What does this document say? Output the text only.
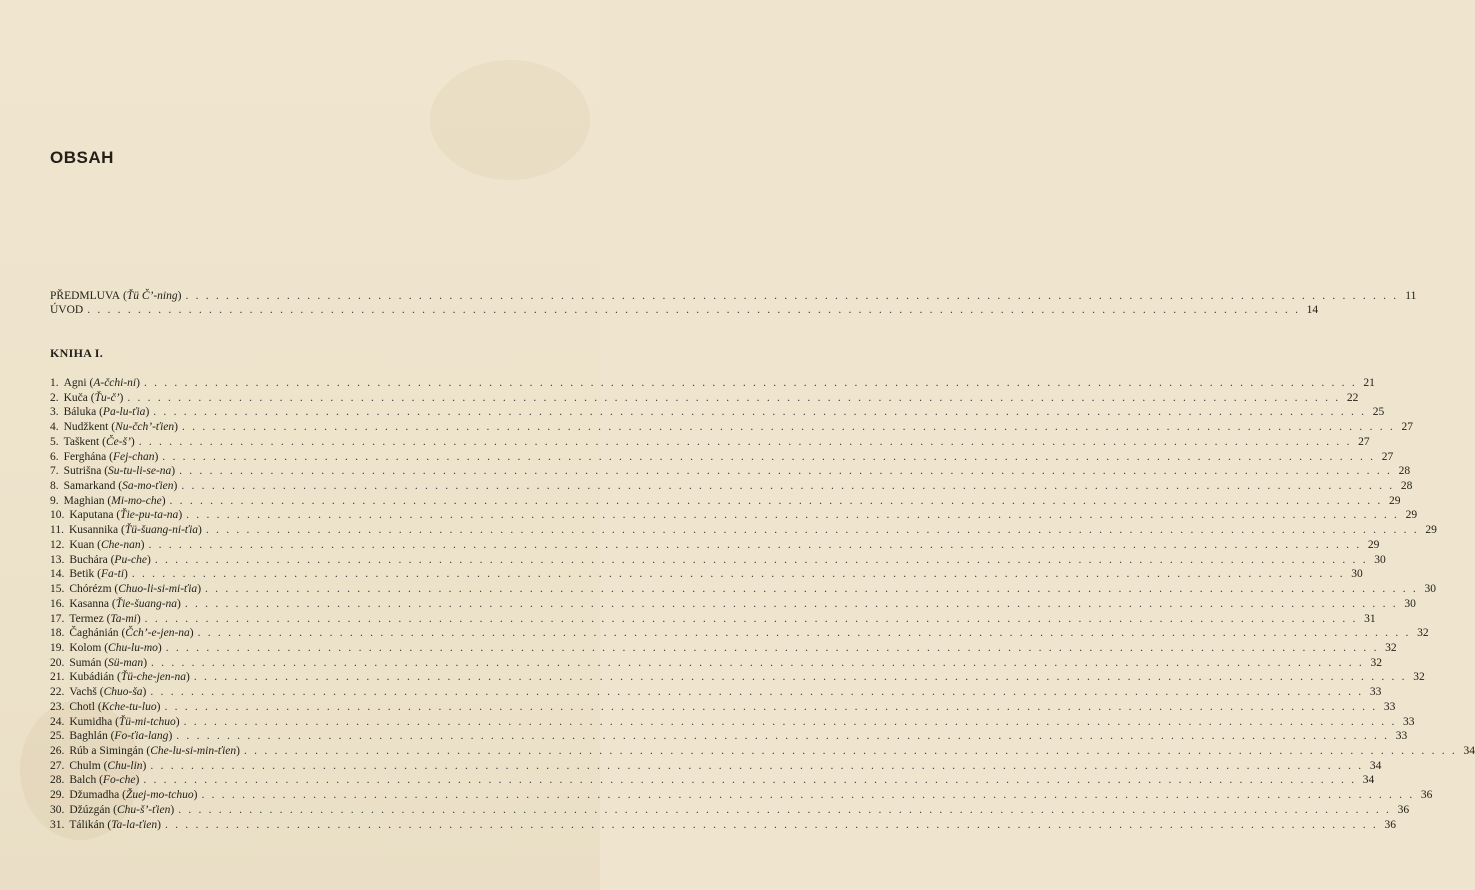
OBSAH
PŘEDMLUVA (Ťü Č’-ning) . . . . . . . . . . . . . . . . . . . . . . . . . . . . . . . . . . . . . . . . . . . . . . . . . . . . . . . . . . . . . . . . . . . . . . . . . . . . . . . . . . . . . . . . . . . . . . . . . . . . . . . . . . . . . . . . . . . . . . . . 11
ÚVOD . . . . . . . . . . . . . . . . . . . . . . . . . . . . . . . . . . . . . . . . . . . . . . . . . . . . . . . . . . . . . . . . . . . . . . . . . . . . . . . . . . . . . . . . . . . . . . . . . . . . . . . . . . . . . . . . . . . . . . . . 14
KNIHA I.
1. Agni (A-čchi-ni) . . . . . . . . . . . . . . . . . . . . . . . . . . . . . . . . . . . . . . . . . . . . . . . . . . . . . . . . . . . . . . . . . . . . . . . . . . . . . . . . . . . . . . . . . . . . . . . . . . . . . . . . . . . . . . . . . . . . . . . . 21
2. Kuča (Ťu-č’) . . . . . . . . . . . . . . . . . . . . . . . . . . . . . . . . . . . . . . . . . . . . . . . . . . . . . . . . . . . . . . . . . . . . . . . . . . . . . . . . . . . . . . . . . . . . . . . . . . . . . . . . . . . . . . . . . . . . . . . . 22
3. Báluka (Pa-lu-ťia) . . . . . . . . . . . . . . . . . . . . . . . . . . . . . . . . . . . . . . . . . . . . . . . . . . . . . . . . . . . . . . . . . . . . . . . . . . . . . . . . . . . . . . . . . . . . . . . . . . . . . . . . . . . . . . . . . . . . . . . . 25
4. Nudžkent (Nu-čch’-ťien) . . . . . . . . . . . . . . . . . . . . . . . . . . . . . . . . . . . . . . . . . . . . . . . . . . . . . . . . . . . . . . . . . . . . . . . . . . . . . . . . . . . . . . . . . . . . . . . . . . . . . . . . . . . . . . . . . . . . . . . . 27
5. Taškent (Če-š’) . . . . . . . . . . . . . . . . . . . . . . . . . . . . . . . . . . . . . . . . . . . . . . . . . . . . . . . . . . . . . . . . . . . . . . . . . . . . . . . . . . . . . . . . . . . . . . . . . . . . . . . . . . . . . . . . . . . . . . . . 27
6. Ferghána (Fej-chan) . . . . . . . . . . . . . . . . . . . . . . . . . . . . . . . . . . . . . . . . . . . . . . . . . . . . . . . . . . . . . . . . . . . . . . . . . . . . . . . . . . . . . . . . . . . . . . . . . . . . . . . . . . . . . . . . . . . . . . . . 27
7. Sutrišna (Su-tu-li-se-na) . . . . . . . . . . . . . . . . . . . . . . . . . . . . . . . . . . . . . . . . . . . . . . . . . . . . . . . . . . . . . . . . . . . . . . . . . . . . . . . . . . . . . . . . . . . . . . . . . . . . . . . . . . . . . . . . . . . . . . . . 28
8. Samarkand (Sa-mo-ťien) . . . . . . . . . . . . . . . . . . . . . . . . . . . . . . . . . . . . . . . . . . . . . . . . . . . . . . . . . . . . . . . . . . . . . . . . . . . . . . . . . . . . . . . . . . . . . . . . . . . . . . . . . . . . . . . . . . . . . . . . 28
9. Maghian (Mi-mo-che) . . . . . . . . . . . . . . . . . . . . . . . . . . . . . . . . . . . . . . . . . . . . . . . . . . . . . . . . . . . . . . . . . . . . . . . . . . . . . . . . . . . . . . . . . . . . . . . . . . . . . . . . . . . . . . . . . . . . . . . . 29
10. Kaputana (Ťie-pu-ta-na) . . . . . . . . . . . . . . . . . . . . . . . . . . . . . . . . . . . . . . . . . . . . . . . . . . . . . . . . . . . . . . . . . . . . . . . . . . . . . . . . . . . . . . . . . . . . . . . . . . . . . . . . . . . . . . . . . . . . . . . . 29
11. Kusannika (Ťü-šuang-ni-ťia) . . . . . . . . . . . . . . . . . . . . . . . . . . . . . . . . . . . . . . . . . . . . . . . . . . . . . . . . . . . . . . . . . . . . . . . . . . . . . . . . . . . . . . . . . . . . . . . . . . . . . . . . . . . . . . . . . . . . . . . . 29
12. Kuan (Che-nan) . . . . . . . . . . . . . . . . . . . . . . . . . . . . . . . . . . . . . . . . . . . . . . . . . . . . . . . . . . . . . . . . . . . . . . . . . . . . . . . . . . . . . . . . . . . . . . . . . . . . . . . . . . . . . . . . . . . . . . . . 29
13. Buchára (Pu-che) . . . . . . . . . . . . . . . . . . . . . . . . . . . . . . . . . . . . . . . . . . . . . . . . . . . . . . . . . . . . . . . . . . . . . . . . . . . . . . . . . . . . . . . . . . . . . . . . . . . . . . . . . . . . . . . . . . . . . . . . 30
14. Betik (Fa-ti) . . . . . . . . . . . . . . . . . . . . . . . . . . . . . . . . . . . . . . . . . . . . . . . . . . . . . . . . . . . . . . . . . . . . . . . . . . . . . . . . . . . . . . . . . . . . . . . . . . . . . . . . . . . . . . . . . . . . . . . . 30
15. Chórézm (Chuo-li-si-mi-ťia) . . . . . . . . . . . . . . . . . . . . . . . . . . . . . . . . . . . . . . . . . . . . . . . . . . . . . . . . . . . . . . . . . . . . . . . . . . . . . . . . . . . . . . . . . . . . . . . . . . . . . . . . . . . . . . . . . . . . . . . . 30
16. Kasanna (Ťie-šuang-na) . . . . . . . . . . . . . . . . . . . . . . . . . . . . . . . . . . . . . . . . . . . . . . . . . . . . . . . . . . . . . . . . . . . . . . . . . . . . . . . . . . . . . . . . . . . . . . . . . . . . . . . . . . . . . . . . . . . . . . . . 30
17. Termez (Ta-mi) . . . . . . . . . . . . . . . . . . . . . . . . . . . . . . . . . . . . . . . . . . . . . . . . . . . . . . . . . . . . . . . . . . . . . . . . . . . . . . . . . . . . . . . . . . . . . . . . . . . . . . . . . . . . . . . . . . . . . . . . 31
18. Čaghánián (Čch’-e-jen-na) . . . . . . . . . . . . . . . . . . . . . . . . . . . . . . . . . . . . . . . . . . . . . . . . . . . . . . . . . . . . . . . . . . . . . . . . . . . . . . . . . . . . . . . . . . . . . . . . . . . . . . . . . . . . . . . . . . . . . . . . 32
19. Kolom (Chu-lu-mo) . . . . . . . . . . . . . . . . . . . . . . . . . . . . . . . . . . . . . . . . . . . . . . . . . . . . . . . . . . . . . . . . . . . . . . . . . . . . . . . . . . . . . . . . . . . . . . . . . . . . . . . . . . . . . . . . . . . . . . . . 32
20. Sumán (Sü-man) . . . . . . . . . . . . . . . . . . . . . . . . . . . . . . . . . . . . . . . . . . . . . . . . . . . . . . . . . . . . . . . . . . . . . . . . . . . . . . . . . . . . . . . . . . . . . . . . . . . . . . . . . . . . . . . . . . . . . . . . 32
21. Kubádián (Ťü-che-jen-na) . . . . . . . . . . . . . . . . . . . . . . . . . . . . . . . . . . . . . . . . . . . . . . . . . . . . . . . . . . . . . . . . . . . . . . . . . . . . . . . . . . . . . . . . . . . . . . . . . . . . . . . . . . . . . . . . . . . . . . . . 32
22. Vachš (Chuo-ša) . . . . . . . . . . . . . . . . . . . . . . . . . . . . . . . . . . . . . . . . . . . . . . . . . . . . . . . . . . . . . . . . . . . . . . . . . . . . . . . . . . . . . . . . . . . . . . . . . . . . . . . . . . . . . . . . . . . . . . . . 33
23. Chotl (Kche-tu-luo) . . . . . . . . . . . . . . . . . . . . . . . . . . . . . . . . . . . . . . . . . . . . . . . . . . . . . . . . . . . . . . . . . . . . . . . . . . . . . . . . . . . . . . . . . . . . . . . . . . . . . . . . . . . . . . . . . . . . . . . . 33
24. Kumidha (Ťü-mi-tchuo) . . . . . . . . . . . . . . . . . . . . . . . . . . . . . . . . . . . . . . . . . . . . . . . . . . . . . . . . . . . . . . . . . . . . . . . . . . . . . . . . . . . . . . . . . . . . . . . . . . . . . . . . . . . . . . . . . . . . . . . . 33
25. Baghlán (Fo-ťia-lang) . . . . . . . . . . . . . . . . . . . . . . . . . . . . . . . . . . . . . . . . . . . . . . . . . . . . . . . . . . . . . . . . . . . . . . . . . . . . . . . . . . . . . . . . . . . . . . . . . . . . . . . . . . . . . . . . . . . . . . . . 33
26. Rúb a Simingán (Che-lu-si-min-ťien) . . . . . . . . . . . . . . . . . . . . . . . . . . . . . . . . . . . . . . . . . . . . . . . . . . . . . . . . . . . . . . . . . . . . . . . . . . . . . . . . . . . . . . . . . . . . . . . . . . . . . . . . . . . . . . . . . . . . . . . . 34
27. Chulm (Chu-lin) . . . . . . . . . . . . . . . . . . . . . . . . . . . . . . . . . . . . . . . . . . . . . . . . . . . . . . . . . . . . . . . . . . . . . . . . . . . . . . . . . . . . . . . . . . . . . . . . . . . . . . . . . . . . . . . . . . . . . . . . 34
28. Balch (Fo-che) . . . . . . . . . . . . . . . . . . . . . . . . . . . . . . . . . . . . . . . . . . . . . . . . . . . . . . . . . . . . . . . . . . . . . . . . . . . . . . . . . . . . . . . . . . . . . . . . . . . . . . . . . . . . . . . . . . . . . . . . 34
29. Džumadha (Žuej-mo-tchuo) . . . . . . . . . . . . . . . . . . . . . . . . . . . . . . . . . . . . . . . . . . . . . . . . . . . . . . . . . . . . . . . . . . . . . . . . . . . . . . . . . . . . . . . . . . . . . . . . . . . . . . . . . . . . . . . . . . . . . . . . 36
30. Džúzgán (Chu-š’-ťien) . . . . . . . . . . . . . . . . . . . . . . . . . . . . . . . . . . . . . . . . . . . . . . . . . . . . . . . . . . . . . . . . . . . . . . . . . . . . . . . . . . . . . . . . . . . . . . . . . . . . . . . . . . . . . . . . . . . . . . . . 36
31. Tálikán (Ta-la-ťien) . . . . . . . . . . . . . . . . . . . . . . . . . . . . . . . . . . . . . . . . . . . . . . . . . . . . . . . . . . . . . . . . . . . . . . . . . . . . . . . . . . . . . . . . . . . . . . . . . . . . . . . . . . . . . . . . . . . . . . . . 36
